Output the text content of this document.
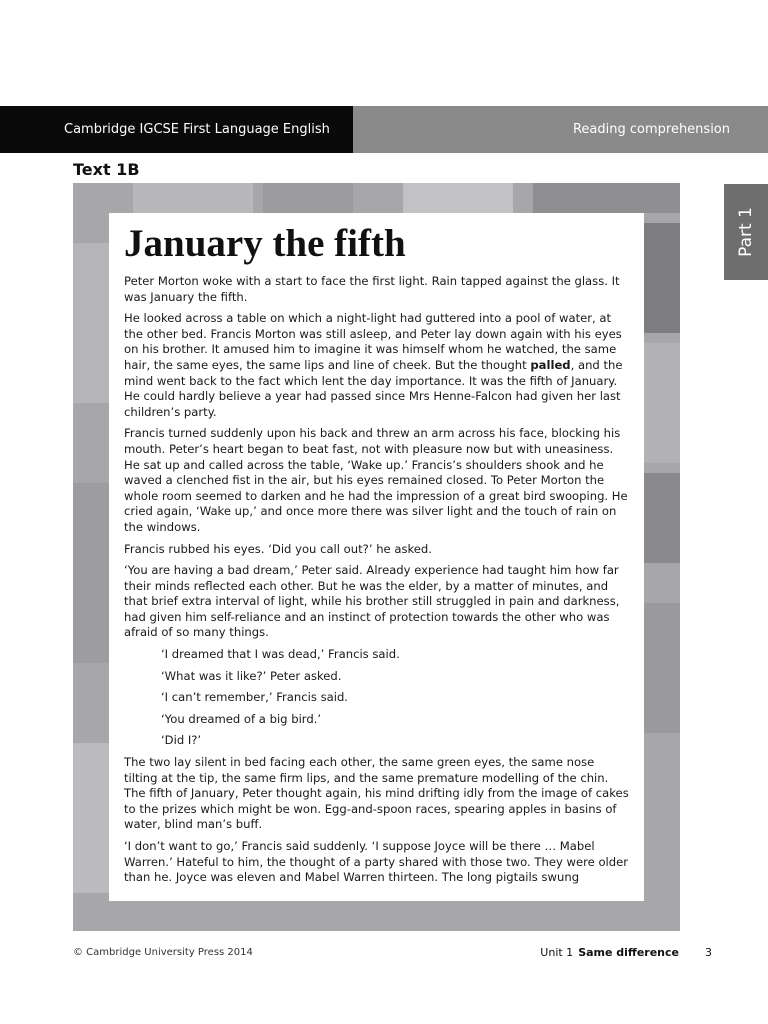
Cambridge IGCSE First Language English	Reading comprehension
Text 1B
Part 1
January the fifth

Peter Morton woke with a start to face the first light. Rain tapped against the glass. It was January the fifth.

He looked across a table on which a night-light had guttered into a pool of water, at the other bed. Francis Morton was still asleep, and Peter lay down again with his eyes on his brother. It amused him to imagine it was himself whom he watched, the same hair, the same eyes, the same lips and line of cheek. But the thought palled, and the mind went back to the fact which lent the day importance. It was the fifth of January. He could hardly believe a year had passed since Mrs Henne-Falcon had given her last children’s party.

Francis turned suddenly upon his back and threw an arm across his face, blocking his mouth. Peter’s heart began to beat fast, not with pleasure now but with uneasiness. He sat up and called across the table, ‘Wake up.’ Francis’s shoulders shook and he waved a clenched fist in the air, but his eyes remained closed. To Peter Morton the whole room seemed to darken and he had the impression of a great bird swooping. He cried again, ‘Wake up,’ and once more there was silver light and the touch of rain on the windows.

Francis rubbed his eyes. ‘Did you call out?’ he asked.

‘You are having a bad dream,’ Peter said. Already experience had taught him how far their minds reflected each other. But he was the elder, by a matter of minutes, and that brief extra interval of light, while his brother still struggled in pain and darkness, had given him self-reliance and an instinct of protection towards the other who was afraid of so many things.

‘I dreamed that I was dead,’ Francis said.

‘What was it like?’ Peter asked.

‘I can’t remember,’ Francis said.

‘You dreamed of a big bird.’

‘Did I?’

The two lay silent in bed facing each other, the same green eyes, the same nose tilting at the tip, the same firm lips, and the same premature modelling of the chin. The fifth of January, Peter thought again, his mind drifting idly from the image of cakes to the prizes which might be won. Egg-and-spoon races, spearing apples in basins of water, blind man’s buff.

‘I don’t want to go,’ Francis said suddenly. ‘I suppose Joyce will be there … Mabel Warren.’ Hateful to him, the thought of a party shared with those two. They were older than he. Joyce was eleven and Mabel Warren thirteen. The long pigtails swung

© Cambridge University Press 2014	Unit 1 Same difference 3
